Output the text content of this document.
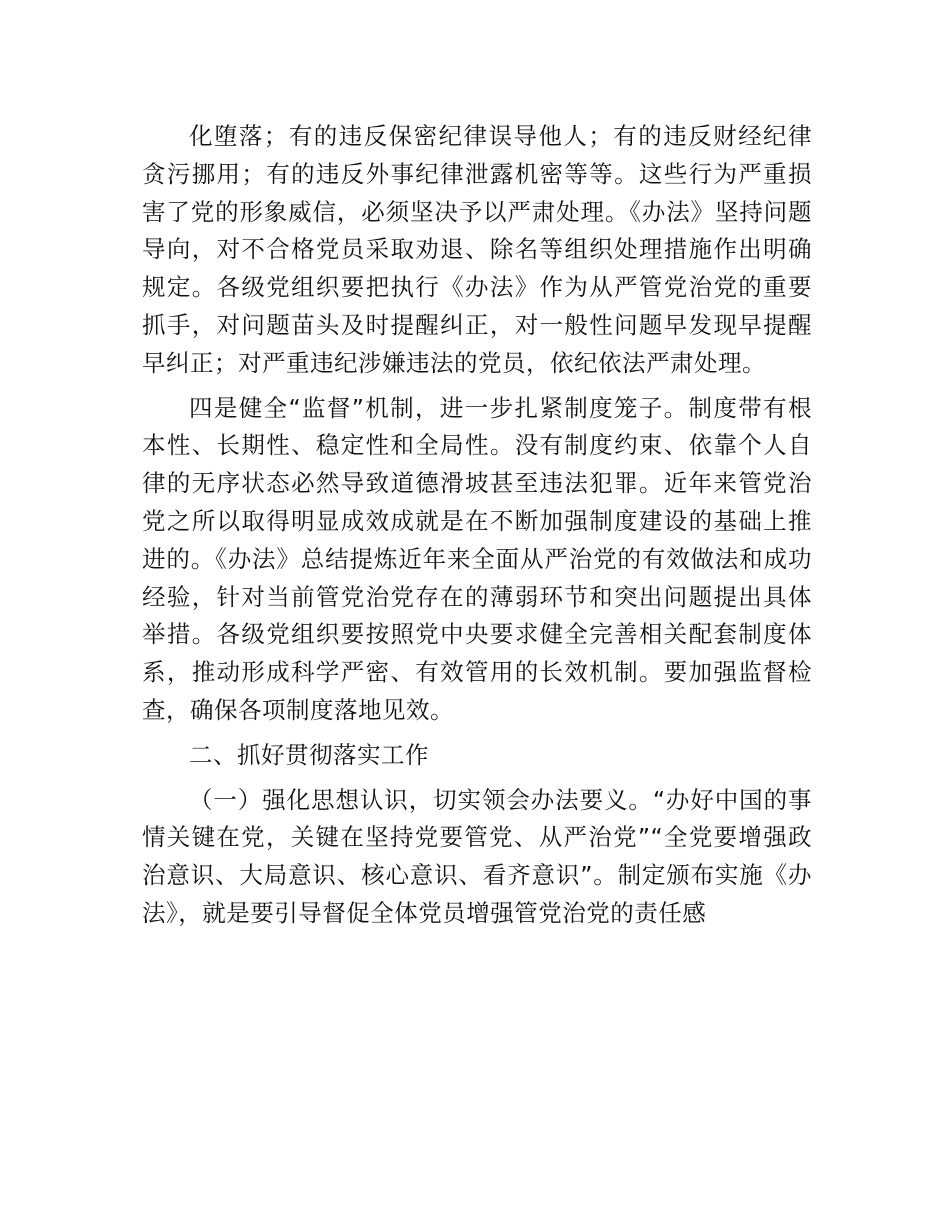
化堕落；有的违反保密纪律误导他人；有的违反财经纪律贪污挪用；有的违反外事纪律泄露机密等等。这些行为严重损害了党的形象威信，必须坚决予以严肃处理。《办法》坚持问题导向，对不合格党员采取劝退、除名等组织处理措施作出明确规定。各级党组织要把执行《办法》作为从严管党治党的重要抓手，对问题苗头及时提醒纠正，对一般性问题早发现早提醒早纠正；对严重违纪涉嫌违法的党员，依纪依法严肃处理。

四是健全“监督”机制，进一步扎紧制度笼子。制度带有根本性、长期性、稳定性和全局性。没有制度约束、依靠个人自律的无序状态必然导致道德滑坡甚至违法犯罪。近年来管党治党之所以取得明显成效成就是在不断加强制度建设的基础上推进的。《办法》总结提炼近年来全面从严治党的有效做法和成功经验，针对当前管党治党存在的薄弱环节和突出问题提出具体举措。各级党组织要按照党中央要求健全完善相关配套制度体系，推动形成科学严密、有效管用的长效机制。要加强监督检查，确保各项制度落地见效。

二、抓好贯彻落实工作

（一）强化思想认识，切实领会办法要义。“办好中国的事情关键在党，关键在坚持党要管党、从严治党”“全党要增强政治意识、大局意识、核心意识、看齐意识”。制定颁布实施《办法》，就是要引导督促全体党员增强管党治党的责任感
